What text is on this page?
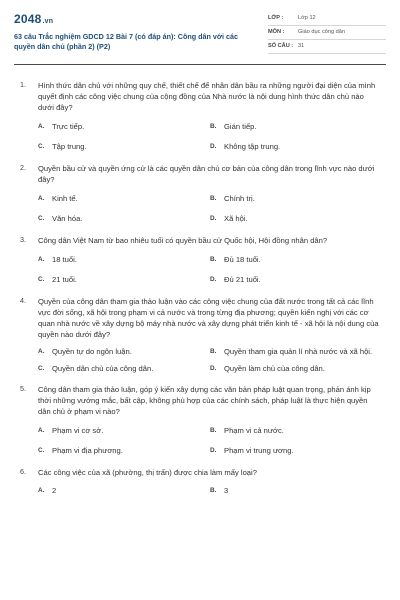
2048.vn
63 câu Trắc nghiệm GDCD 12 Bài 7 (có đáp án): Công dân với các quyền dân chủ (phần 2) (P2)
LỚP :	Lớp 12
MÔN : Giáo dục công dân
SỐ CÂU : 31
1. Hình thức dân chủ với những quy chế, thiết chế để nhân dân bầu ra những người đại diện của mình quyết định các công việc chung của cộng đồng của Nhà nước là nội dung hình thức dân chủ nào dưới đây?
A. Trực tiếp.	B. Gián tiếp.
C. Tập trung.	D. Không tập trung.
2. Quyền bầu cử và quyền ứng cử là các quyền dân chủ cơ bản của công dân trong lĩnh vực nào dưới đây?
A. Kinh tế.	B. Chính trị.
C. Văn hóa.	D. Xã hội.
3. Công dân Việt Nam từ bao nhiêu tuổi có quyền bầu cử Quốc hội, Hội đồng nhân dân?
A. 18 tuổi.	B. Đủ 18 tuổi.
C. 21 tuổi.	D. Đủ 21 tuổi.
4. Quyền của công dân tham gia thảo luận vào các công việc chung của đất nước trong tất cả các lĩnh vực đời sống, xã hội trong phạm vi cả nước và trong từng địa phương; quyền kiến nghị với các cơ quan nhà nước về xây dựng bộ máy nhà nước và xây dựng phát triển kinh tế - xã hội là nội dung của quyền nào dưới đây?
A. Quyền tự do ngôn luận.	B. Quyền tham gia quản lí nhà nước và xã hội.
C. Quyền dân chủ của công dân.	D. Quyền làm chủ của công dân.
5. Công dân tham gia thảo luận, góp ý kiến xây dựng các văn bản pháp luật quan trọng, phản ánh kịp thời những vướng mắc, bất cập, không phù hợp của các chính sách, pháp luật là thực hiện quyền dân chủ ở phạm vi nào?
A. Phạm vi cơ sở.	B. Phạm vi cả nước.
C. Phạm vi địa phương.	D. Phạm vi trung ương.
6. Các công việc của xã (phường, thị trấn) được chia làm mấy loại?
A. 2	B. 3
